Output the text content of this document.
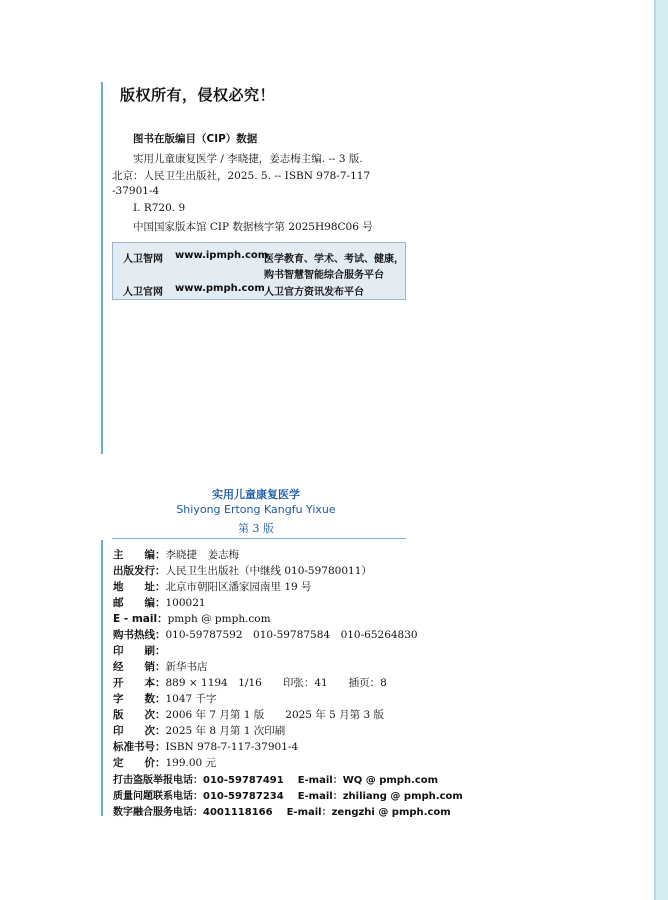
版权所有，侵权必究！
图书在版编目（CIP）数据
实用儿童康复医学 / 李晓捷，姜志梅主编. -- 3 版.
北京：人民卫生出版社，2025. 5. -- ISBN 978-7-117
-37901-4
Ⅰ. R720. 9
中国国家版本馆 CIP 数据核字第 2025H98C06 号
人卫智网 www.ipmph.com
医学教育、学术、考试、健康，
购书智慧智能综合服务平台
人卫官网 www.pmph.com 人卫官方资讯发布平台
实用儿童康复医学
Shiyong Ertong Kangfu Yixue
第 3 版
主　　编：李晓捷　姜志梅
出版发行：人民卫生出版社（中继线 010-59780011）
地　　址：北京市朝阳区潘家园南里 19 号
邮　　编：100021
E - mail：pmph @ pmph.com
购书热线：010-59787592　010-59787584　010-65264830
印　　刷：
经　　销：新华书店
开　　本：889 × 1194　1/16　　印张：41　　插页：8
字　　数：1047 千字
版　　次：2006 年 7 月第 1 版　　2025 年 5 月第 3 版
印　　次：2025 年 8 月第 1 次印刷
标准书号：ISBN 978-7-117-37901-4
定　　价：199.00 元
打击盗版举报电话：010-59787491 E-mail：WQ @ pmph.com
质量问题联系电话：010-59787234 E-mail：zhiliang @ pmph.com
数字融合服务电话：4001118166 E-mail：zengzhi @ pmph.com
